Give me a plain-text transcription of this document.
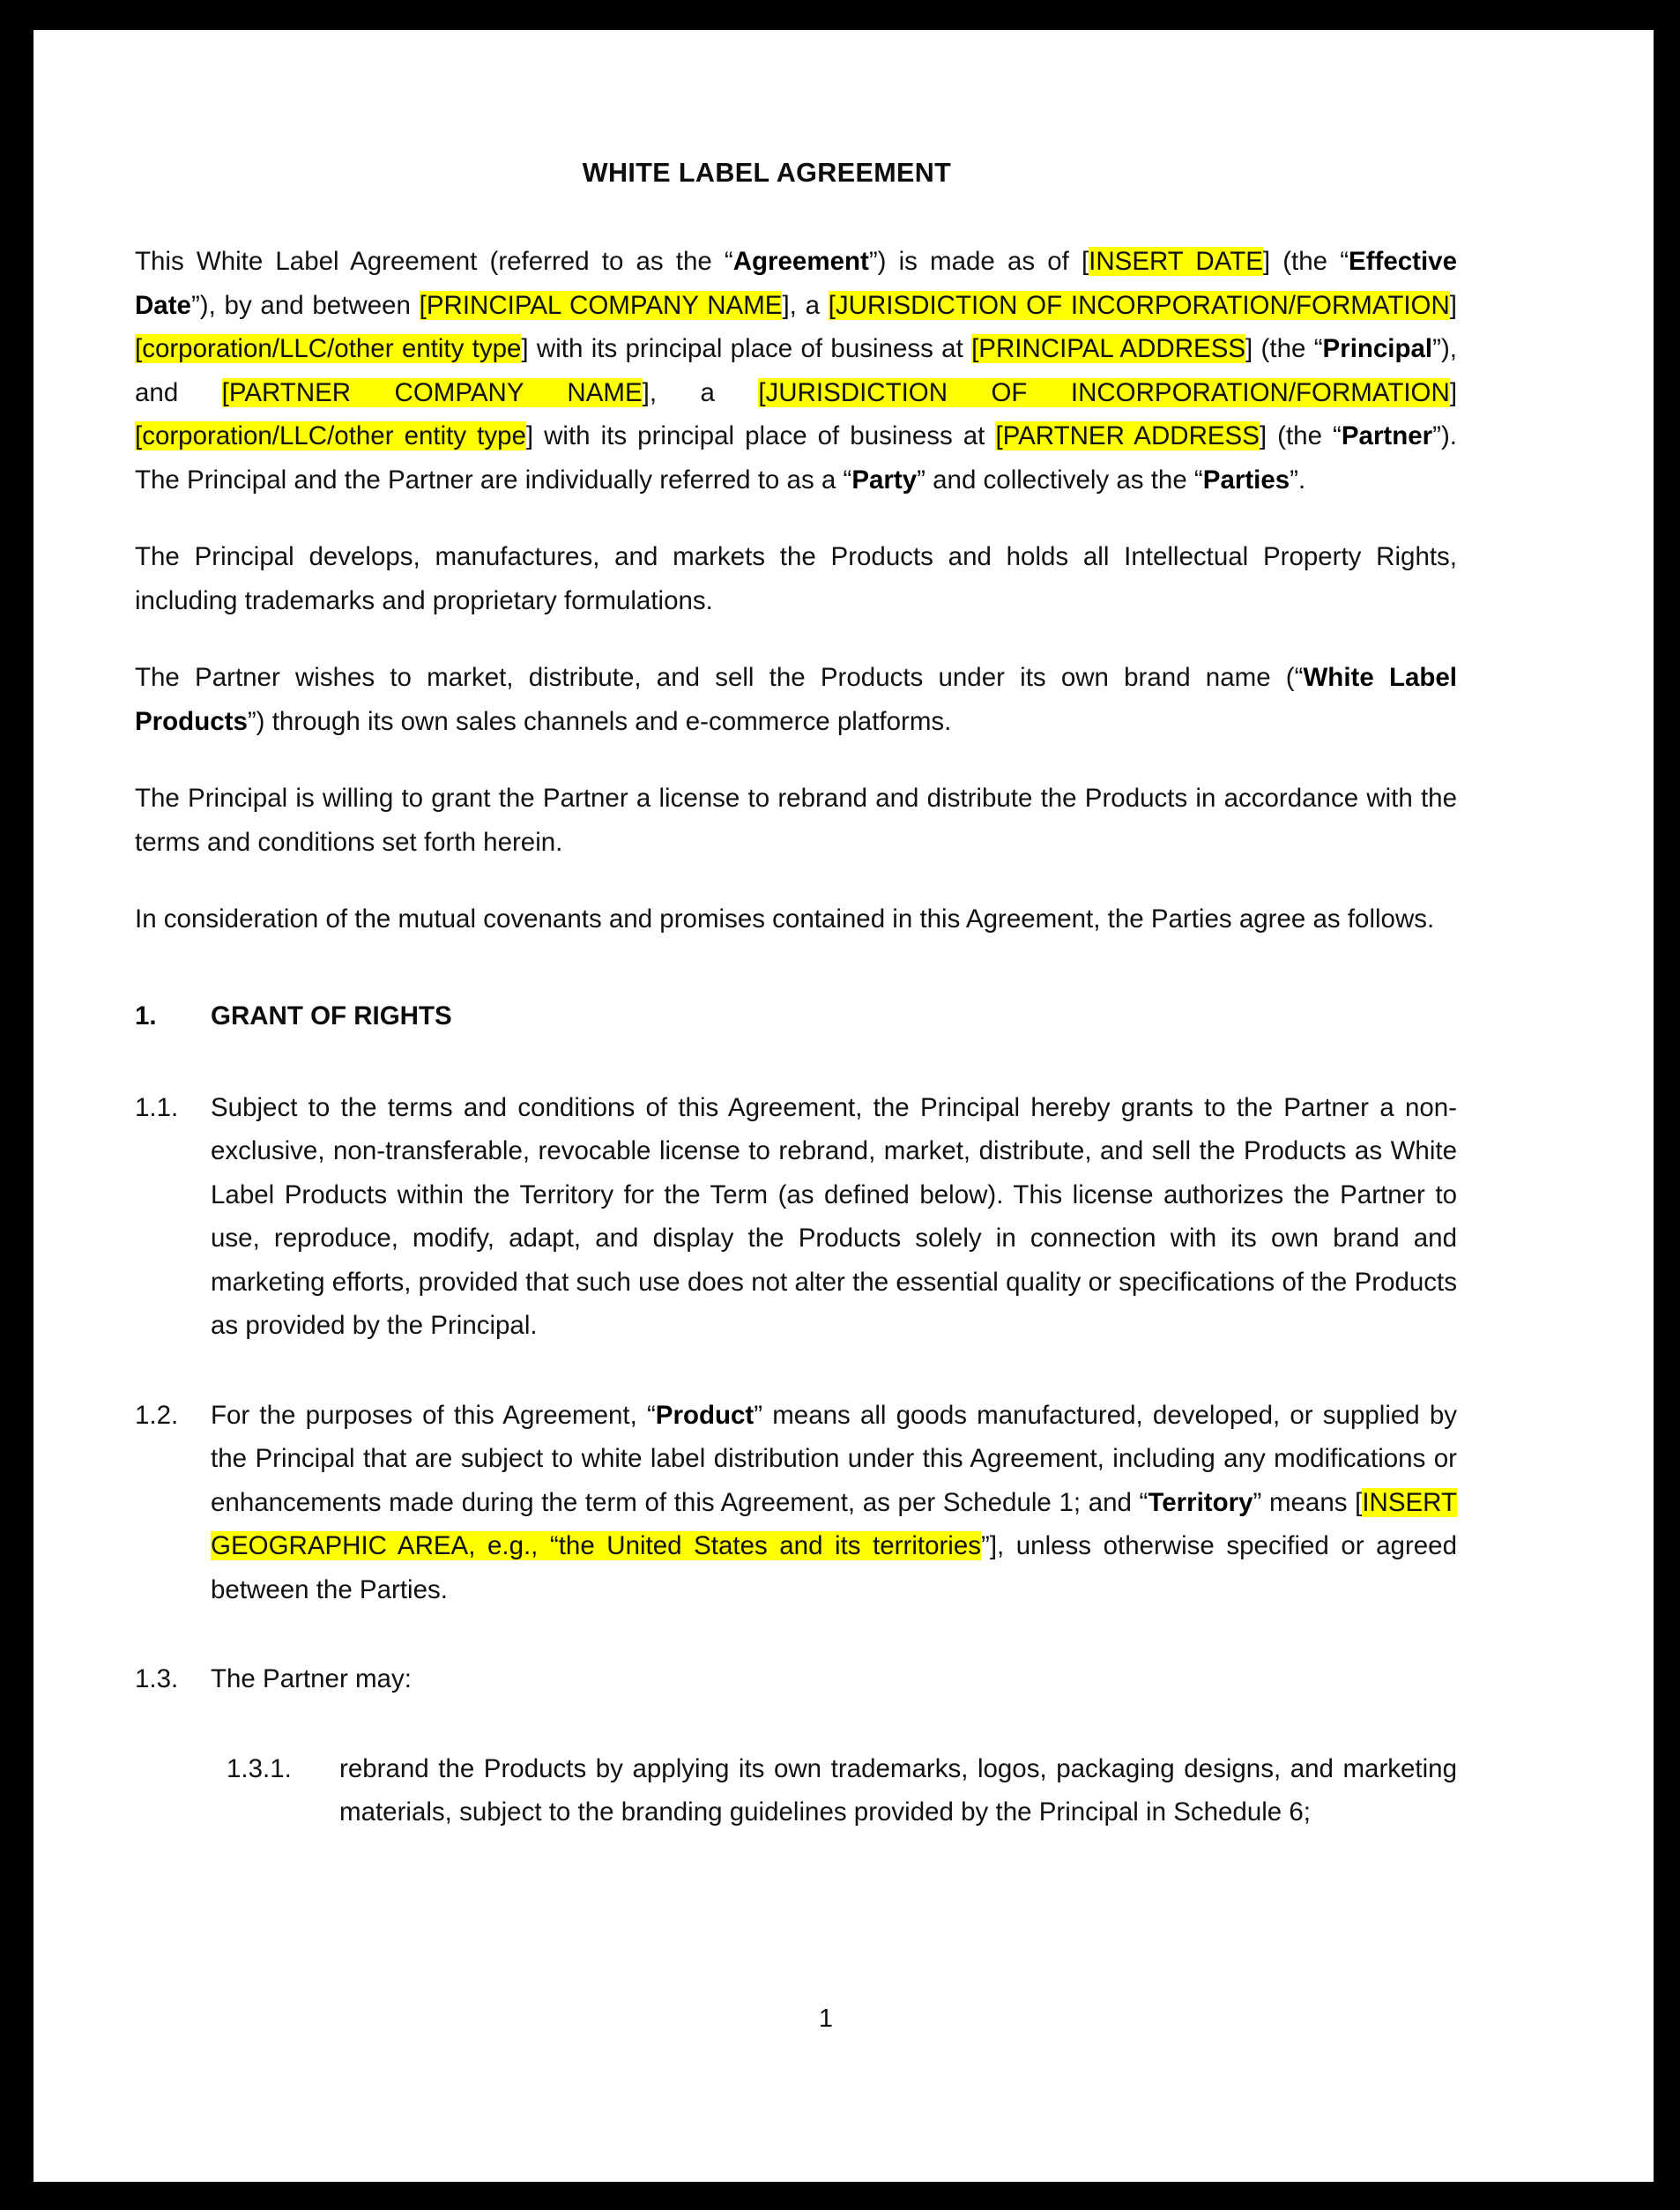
WHITE LABEL AGREEMENT

This White Label Agreement (referred to as the “Agreement”) is made as of [INSERT DATE] (the “Effective Date”), by and between [PRINCIPAL COMPANY NAME], a [JURISDICTION OF INCORPORATION/FORMATION] [corporation/LLC/other entity type] with its principal place of business at [PRINCIPAL ADDRESS] (the “Principal”), and [PARTNER COMPANY NAME], a [JURISDICTION OF INCORPORATION/FORMATION] [corporation/LLC/other entity type] with its principal place of business at [PARTNER ADDRESS] (the “Partner”). The Principal and the Partner are individually referred to as a “Party” and collectively as the “Parties”.

The Principal develops, manufactures, and markets the Products and holds all Intellectual Property Rights, including trademarks and proprietary formulations.

The Partner wishes to market, distribute, and sell the Products under its own brand name (“White Label Products”) through its own sales channels and e-commerce platforms.

The Principal is willing to grant the Partner a license to rebrand and distribute the Products in accordance with the terms and conditions set forth herein.

In consideration of the mutual covenants and promises contained in this Agreement, the Parties agree as follows.

1.	GRANT OF RIGHTS
1.1.	Subject to the terms and conditions of this Agreement, the Principal hereby grants to the Partner a non-exclusive, non-transferable, revocable license to rebrand, market, distribute, and sell the Products as White Label Products within the Territory for the Term (as defined below). This license authorizes the Partner to use, reproduce, modify, adapt, and display the Products solely in connection with its own brand and marketing efforts, provided that such use does not alter the essential quality or specifications of the Products as provided by the Principal.
1.2.	For the purposes of this Agreement, “Product” means all goods manufactured, developed, or supplied by the Principal that are subject to white label distribution under this Agreement, including any modifications or enhancements made during the term of this Agreement, as per Schedule 1; and “Territory” means [INSERT GEOGRAPHIC AREA, e.g., “the United States and its territories”], unless otherwise specified or agreed between the Parties.
1.3.	The Partner may:
1.3.1.	rebrand the Products by applying its own trademarks, logos, packaging designs, and marketing materials, subject to the branding guidelines provided by the Principal in Schedule 6;
1
